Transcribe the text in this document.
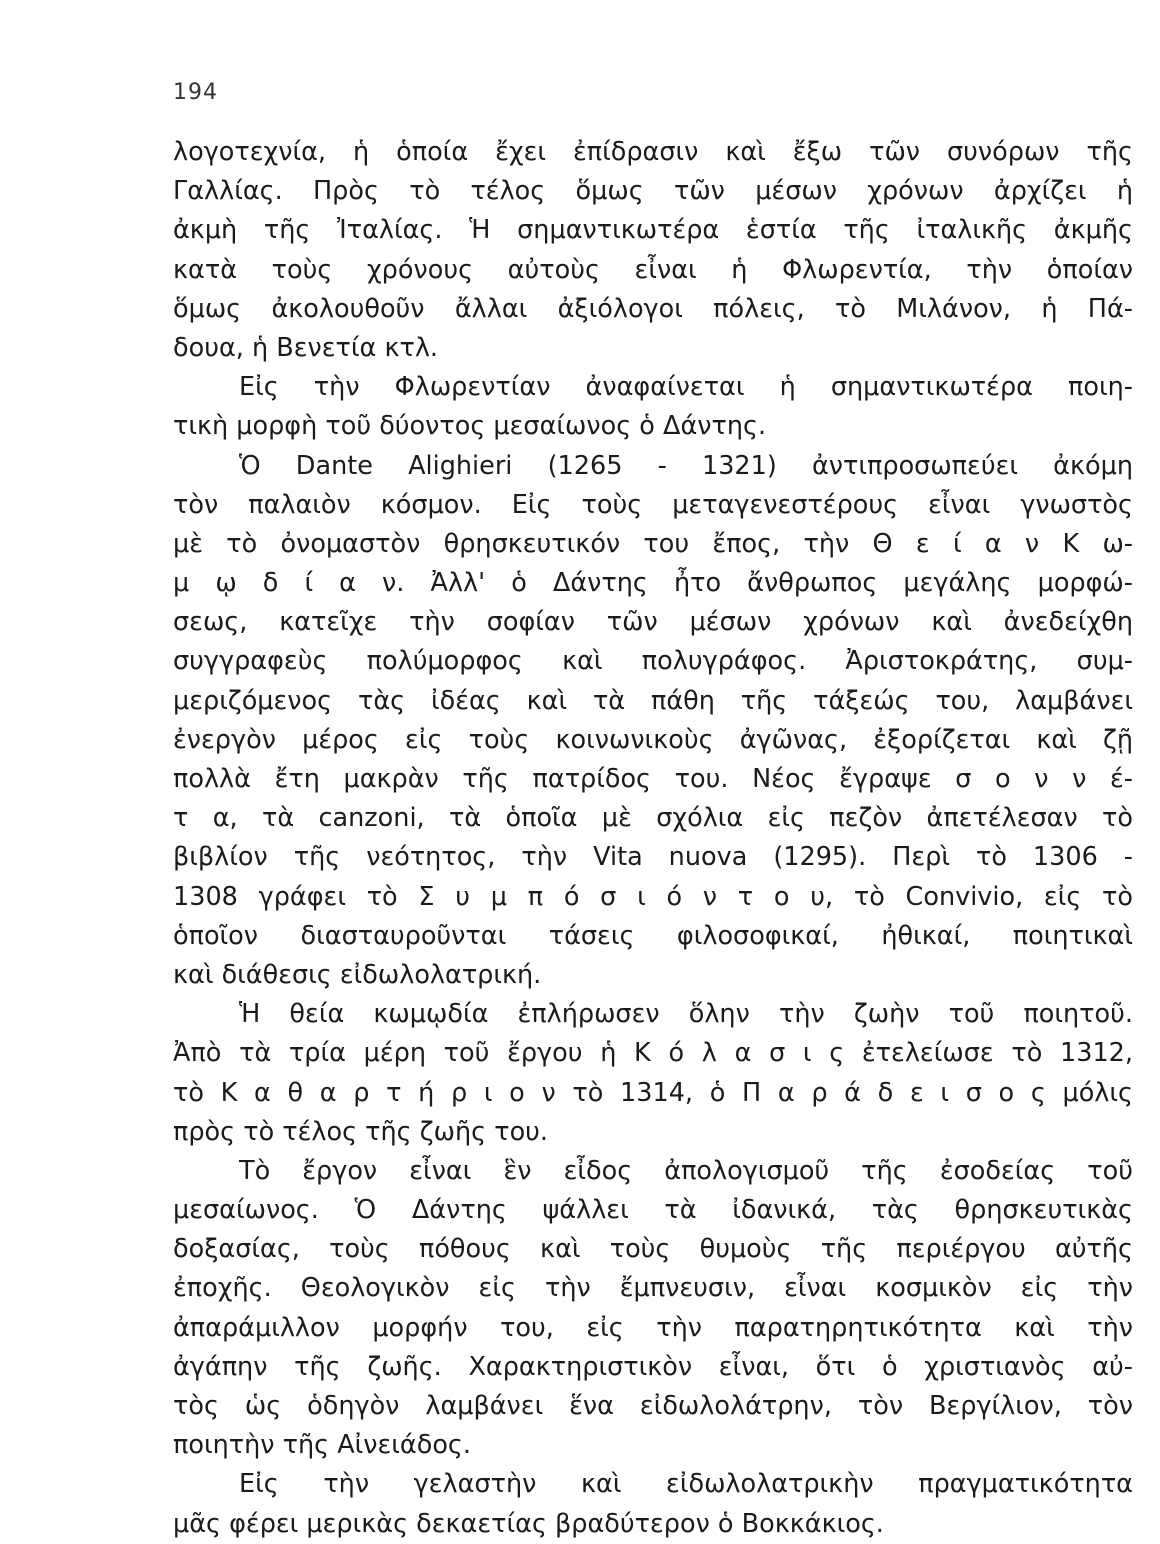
194
λογοτεχνία, ἡ ὁποία ἔχει ἐπίδρασιν καὶ ἔξω τῶν συνόρων τῆς
Γαλλίας. Πρὸς τὸ τέλος ὅμως τῶν μέσων χρόνων ἀρχίζει ἡ
ἀκμὴ τῆς Ἰταλίας. Ἡ σημαντικωτέρα ἑστία τῆς ἰταλικῆς ἀκμῆς
κατὰ τοὺς χρόνους αὐτοὺς εἶναι ἡ Φλωρεντία, τὴν ὁποίαν
ὅμως ἀκολουθοῦν ἄλλαι ἀξιόλογοι πόλεις, τὸ Μιλάνον, ἡ Πά-
δουα, ἡ Βενετία κτλ.
Εἰς τὴν Φλωρεντίαν ἀναφαίνεται ἡ σημαντικωτέρα ποιη-
τικὴ μορφὴ τοῦ δύοντος μεσαίωνος ὁ Δάντης.
Ὁ Dante Alighieri (1265 - 1321) ἀντιπροσωπεύει ἀκόμη
τὸν παλαιὸν κόσμον. Εἰς τοὺς μεταγενεστέρους εἶναι γνωστὸς
μὲ τὸ ὀνομαστὸν θρησκευτικόν του ἔπος, τὴν Θ ε ί α ν Κ ω-
μ ῳ δ ί α ν. Ἀλλ' ὁ Δάντης ἦτο ἄνθρωπος μεγάλης μορφώ-
σεως, κατεῖχε τὴν σοφίαν τῶν μέσων χρόνων καὶ ἀνεδείχθη
συγγραφεὺς πολύμορφος καὶ πολυγράφος. Ἀριστοκράτης, συμ-
μεριζόμενος τὰς ἰδέας καὶ τὰ πάθη τῆς τάξεώς του, λαμβάνει
ἐνεργὸν μέρος εἰς τοὺς κοινωνικοὺς ἀγῶνας, ἐξορίζεται καὶ ζῇ
πολλὰ ἔτη μακρὰν τῆς πατρίδος του. Νέος ἔγραψε σ ο ν ν έ-
τ α, τὰ canzoni, τὰ ὁποῖα μὲ σχόλια εἰς πεζὸν ἀπετέλεσαν τὸ
βιβλίον τῆς νεότητος, τὴν Vita nuova (1295). Περὶ τὸ 1306 -
1308 γράφει τὸ Σ υ μ π ό σ ι ό ν τ ο υ, τὸ Convivio, εἰς τὸ
ὁποῖον διασταυροῦνται τάσεις φιλοσοφικαί, ἠθικαί, ποιητικαὶ
καὶ διάθεσις εἰδωλολατρική.
Ἡ θεία κωμῳδία ἐπλήρωσεν ὅλην τὴν ζωὴν τοῦ ποιητοῦ.
Ἀπὸ τὰ τρία μέρη τοῦ ἔργου ἡ Κ ό λ α σ ι ς ἐτελείωσε τὸ 1312,
τὸ Κ α θ α ρ τ ή ρ ι ο ν τὸ 1314, ὁ Π α ρ ά δ ε ι σ ο ς μόλις
πρὸς τὸ τέλος τῆς ζωῆς του.
Τὸ ἔργον εἶναι ἓν εἶδος ἀπολογισμοῦ τῆς ἐσοδείας τοῦ
μεσαίωνος. Ὁ Δάντης ψάλλει τὰ ἰδανικά, τὰς θρησκευτικὰς
δοξασίας, τοὺς πόθους καὶ τοὺς θυμοὺς τῆς περιέργου αὐτῆς
ἐποχῆς. Θεολογικὸν εἰς τὴν ἔμπνευσιν, εἶναι κοσμικὸν εἰς τὴν
ἀπαράμιλλον μορφήν του, εἰς τὴν παρατηρητικότητα καὶ τὴν
ἀγάπην τῆς ζωῆς. Χαρακτηριστικὸν εἶναι, ὅτι ὁ χριστιανὸς αὐ-
τὸς ὡς ὁδηγὸν λαμβάνει ἕνα εἰδωλολάτρην, τὸν Βεργίλιον, τὸν
ποιητὴν τῆς Αἰνειάδος.
Εἰς τὴν γελαστὴν καὶ εἰδωλολατρικὴν πραγματικότητα
μᾶς φέρει μερικὰς δεκαετίας βραδύτερον ὁ Βοκκάκιος.
